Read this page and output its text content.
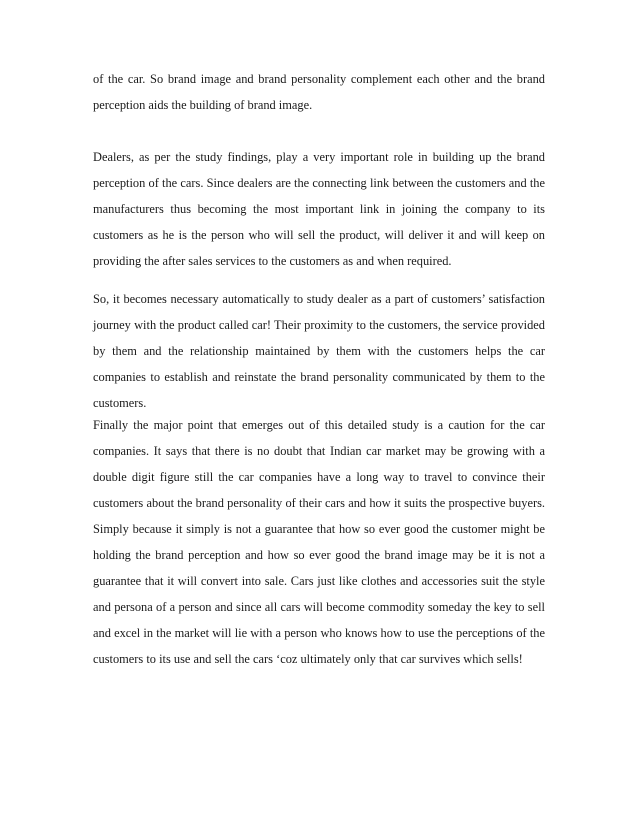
of the car. So brand image and brand personality complement each other and the brand perception aids the building of brand image.

Dealers, as per the study findings, play a very important role in building up the brand perception of the cars. Since dealers are the connecting link between the customers and the manufacturers thus becoming the most important link in joining the company to its customers as he is the person who will sell the product, will deliver it and will keep on providing the after sales services to the customers as and when required.

So, it becomes necessary automatically to study dealer as a part of customers’ satisfaction journey with the product called car! Their proximity to the customers, the service provided by them and the relationship maintained by them with the customers helps the car companies to establish and reinstate the brand personality communicated by them to the customers.

Finally the major point that emerges out of this detailed study is a caution for the car companies. It says that there is no doubt that Indian car market may be growing with a double digit figure still the car companies have a long way to travel to convince their customers about the brand personality of their cars and how it suits the prospective buyers. Simply because it simply is not a guarantee that how so ever good the customer might be holding the brand perception and how so ever good the brand image may be it is not a guarantee that it will convert into sale. Cars just like clothes and accessories suit the style and persona of a person and since all cars will become commodity someday the key to sell and excel in the market will lie with a person who knows how to use the perceptions of the customers to its use and sell the cars ‘coz ultimately only that car survives which sells!
